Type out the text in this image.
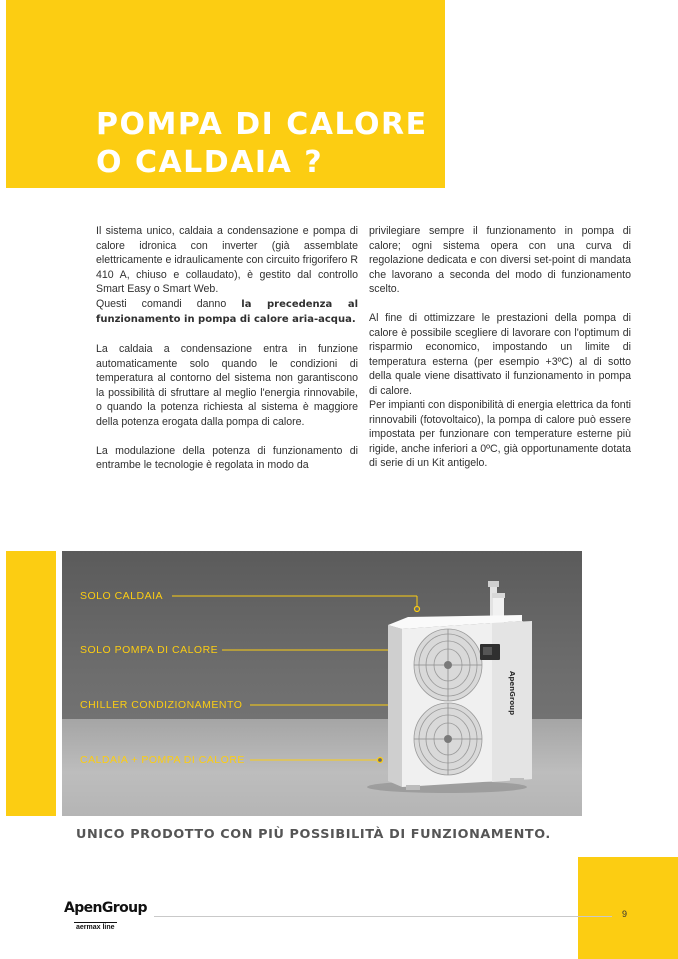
POMPA DI CALORE
O CALDAIA ?

Il sistema unico, caldaia a condensazione e pompa di calore idronica con inverter (già assemblate elettricamente e idraulicamente con circuito frigorifero R 410 A, chiuso e collaudato), è gestito dal controllo Smart Easy o Smart Web.

Questi comandi danno la precedenza al funzionamento in pompa di calore aria-acqua.

La caldaia a condensazione entra in funzione automaticamente solo quando le condizioni di temperatura al contorno del sistema non garantiscono la possibilità di sfruttare al meglio l'energia rinnovabile, o quando la potenza richiesta al sistema è maggiore della potenza erogata dalla pompa di calore.

La modulazione della potenza di funzionamento di entrambe le tecnologie è regolata in modo da

privilegiare sempre il funzionamento in pompa di calore; ogni sistema opera con una curva di regolazione dedicata e con diversi set-point di mandata che lavorano a seconda del modo di funzionamento scelto.

Al fine di ottimizzare le prestazioni della pompa di calore è possibile scegliere di lavorare con l'optimum di risparmio economico, impostando un limite di temperatura esterna (per esempio +3ºC) al di sotto della quale viene disattivato il funzionamento in pompa di calore.

Per impianti con disponibilità di energia elettrica da fonti rinnovabili (fotovoltaico), la pompa di calore può essere impostata per funzionare con temperature esterne più rigide, anche inferiori a 0ºC, già opportunamente dotata di serie di un Kit antigelo.

ApenGroup
SOLO CALDAIA
SOLO POMPA DI CALORE
CHILLER CONDIZIONAMENTO
CALDAIA + POMPA DI CALORE
UNICO PRODOTTO CON PIÙ POSSIBILITÀ DI FUNZIONAMENTO.
ApenGroup
aermax line
9
